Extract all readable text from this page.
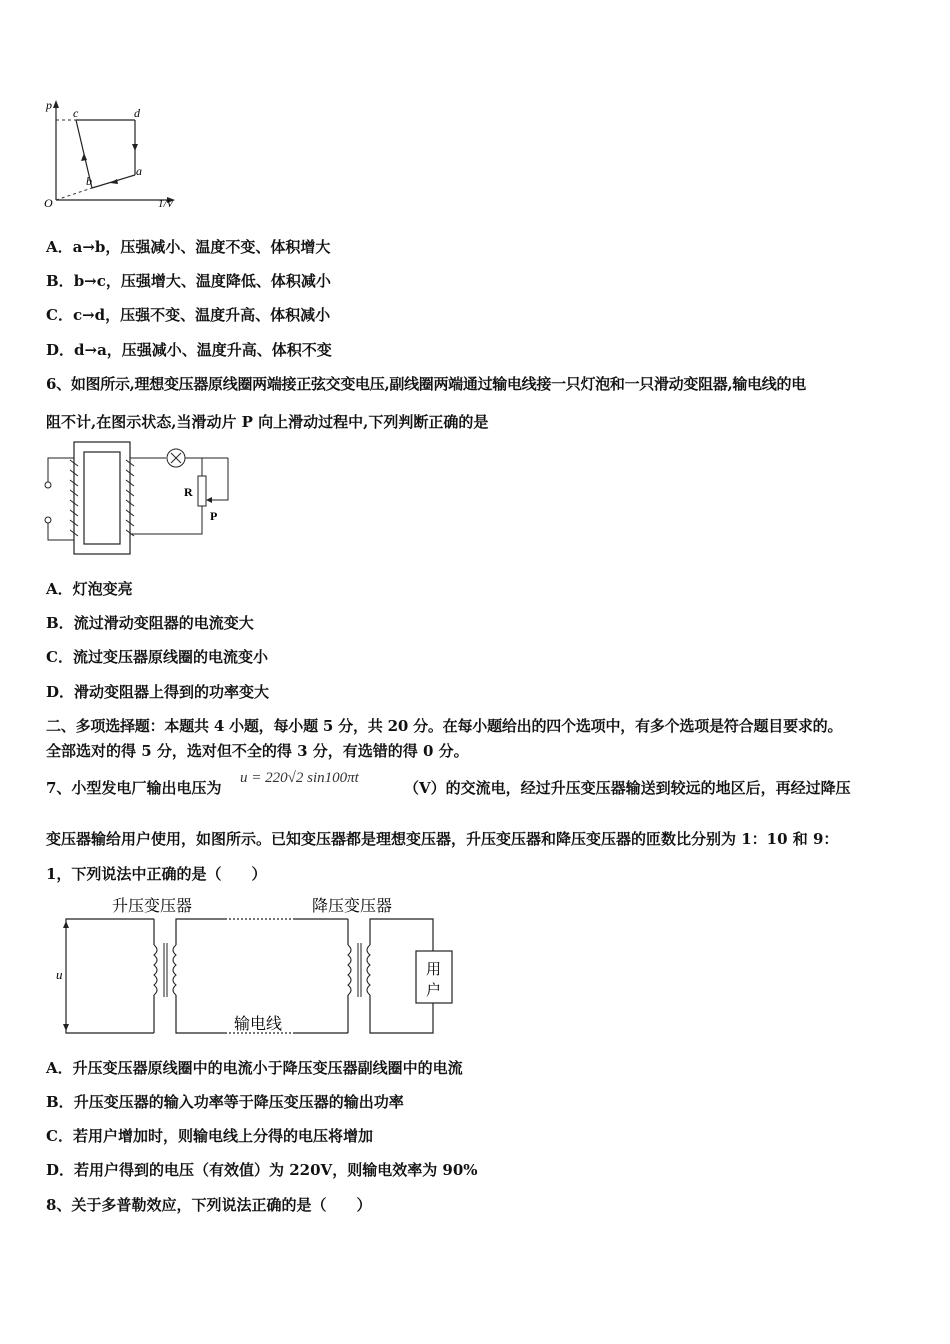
p
O
c	d
a
b
1/V
A．a→b，压强减小、温度不变、体积增大
B．b→c，压强增大、温度降低、体积减小
C．c→d，压强不变、温度升高、体积减小
D．d→a，压强减小、温度升高、体积不变
6、如图所示,理想变压器原线圈两端接正弦交变电压,副线圈两端通过输电线接一只灯泡和一只滑动变阻器,输电线的电
阻不计,在图示状态,当滑动片 P 向上滑动过程中,下列判断正确的是
R
P
A．灯泡变亮
B．流过滑动变阻器的电流变大
C．流过变压器原线圈的电流变小
D．滑动变阻器上得到的功率变大
二、多项选择题：本题共 4 小题，每小题 5 分，共 20 分。在每小题给出的四个选项中，有多个选项是符合题目要求的。
全部选对的得 5 分，选对但不全的得 3 分，有选错的得 0 分。
7、小型发电厂输出电压为
u = 220√2 sin100πt
（V）的交流电，经过升压变压器输送到较远的地区后，再经过降压
变压器输给用户使用，如图所示。已知变压器都是理想变压器，升压变压器和降压变压器的匝数比分别为 1：10 和 9：
1，下列说法中正确的是（　　）
u	用
户
升压变压器	降压变压器
输电线
A．升压变压器原线圈中的电流小于降压变压器副线圈中的电流
B．升压变压器的输入功率等于降压变压器的输出功率
C．若用户增加时，则输电线上分得的电压将增加
D．若用户得到的电压（有效值）为 220V，则输电效率为 90%
8、关于多普勒效应，下列说法正确的是（　　）
